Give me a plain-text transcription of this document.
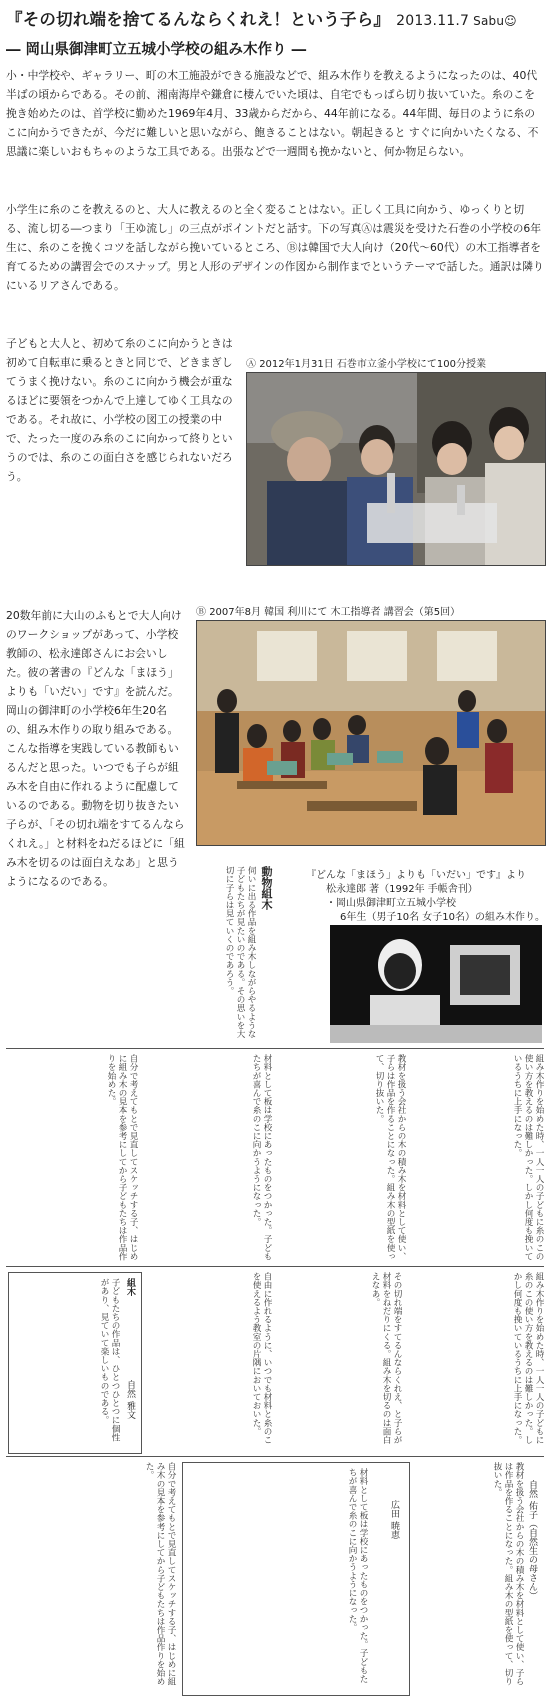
『その切れ端を捨てるんならくれえ！という子ら』 2013.11.7 Sabu☺
― 岡山県御津町立五城小学校の組み木作り ―
小・中学校や、ギャラリー、町の木工施設ができる施設などで、組み木作りを教えるようになったのは、40代半ばの頃からである。その前、湘南海岸や鎌倉に棲んでいた頃は、自宅でもっぱら切り抜いていた。糸のこを挽き始めたのは、首学校に勤めた1969年4月、33歳からだから、44年前になる。44年間、毎日のように糸のこに向かうできたが、今だに難しいと思いながら、飽きることはない。朝起きると すぐに向かいたくなる、不思議に楽しいおもちゃのような工具である。出張などで一週間も挽かないと、何か物足らない。
小学生に糸のこを教えるのと、大人に教えるのと全く変ることはない。正しく工具に向かう、ゆっくりと切る、流し切る―つまり「王ゆ流し」の三点がポイントだと話す。下の写真Ⓐは震災を受けた石巻の小学校の6年生に、糸のこを挽くコツを話しながら挽いているところ、Ⓑは韓国で大人向け（20代〜60代）の木工指導者を育てるための講習会でのスナップ。男と人形のデザインの作図から制作までというテーマで話した。通訳は隣りにいるリアさんである。
子どもと大人と、初めて糸のこに向かうときは初めて自転車に乗るときと同じで、どきまぎしてうまく挽けない。糸のこに向かう機会が重なるほどに要領をつかんで上達してゆく工具なのである。それ故に、小学校の図工の授業の中で、たった一度のみ糸のこに向かって終りというのでは、糸のこの面白さを感じられないだろう。
20数年前に大山のふもとで大人向けのワークショップがあって、小学校教師の、松永達郎さんにお会いした。彼の著書の『どんな「まほう」よりも「いだい」です』を読んだ。岡山の御津町の小学校6年生20名の、組み木作りの取り組みである。こんな指導を実践している教師もいるんだと思った。いつでも子らが組み木を自由に作れるように配慮しているのである。動物を切り抜きたい子らが、「その切れ端をすてるんなら くれえ。」と材料をねだるほどに「組み木を切るのは面白えなあ」と思うようになるのである。
Ⓐ 2012年1月31日 石巻市立釜小学校にて100分授業
Ⓑ 2007年8月 韓国 利川にて 木工指導者 講習会（第5回）
動物組木
伺いに出る作品を組み木しながらやるような子どもたちが見たいのである。その思いを大切に子らは見ていくのであろう。	『どんな「まほう」よりも「いだい」です』より
松永達郎 著（1992年 手帳舎刊）
・岡山県御津町立五城小学校
6年生（男子10名 女子10名）の組み木作り。
自分で考えてもとで見直してスケッチする子、はじめに組み木の見本を参考にしてから子どもたちは作品作りを始めた。	材料として板は学校にあったものをつかった。子どもたちが喜んで糸のこに向かうようになった。	教材を扱う会社からの木の積み木を材料として使い、子らは作品を作ることになった。組み木の型紙を使って、切り抜いた。	組み木作りを始めた時、一人一人の子どもに糸のこの使い方を教えるのは難しかった。しかし何度も挽いているうちに上手になった。
組木
子どもたちの作品は、ひとつひとつに個性があり、見ていて楽しいものである。	自然 雅文	自由に作れるように、いつでも材料と糸のこを使えるよう教室の片隅においておいた。	その切れ端をすてるんならくれえ、と子らが材料をねだりにくる。組み木を切るのは面白えなあ。	組み木作りを始めた時、一人一人の子どもに糸のこの使い方を教えるのは難しかった。しかし何度も挽いているうちに上手になった。
自分で考えてもとで見直してスケッチする子、はじめに組み木の見本を参考にしてから子どもたちは作品作りを始めた。	材料として板は学校にあったものをつかった。子どもたちが喜んで糸のこに向かうようになった。	広田 暁恵	教材を扱う会社からの木の積み木を材料として使い、子らは作品を作ることになった。組み木の型紙を使って、切り抜いた。
自然 佑子（自然生の母さん）
